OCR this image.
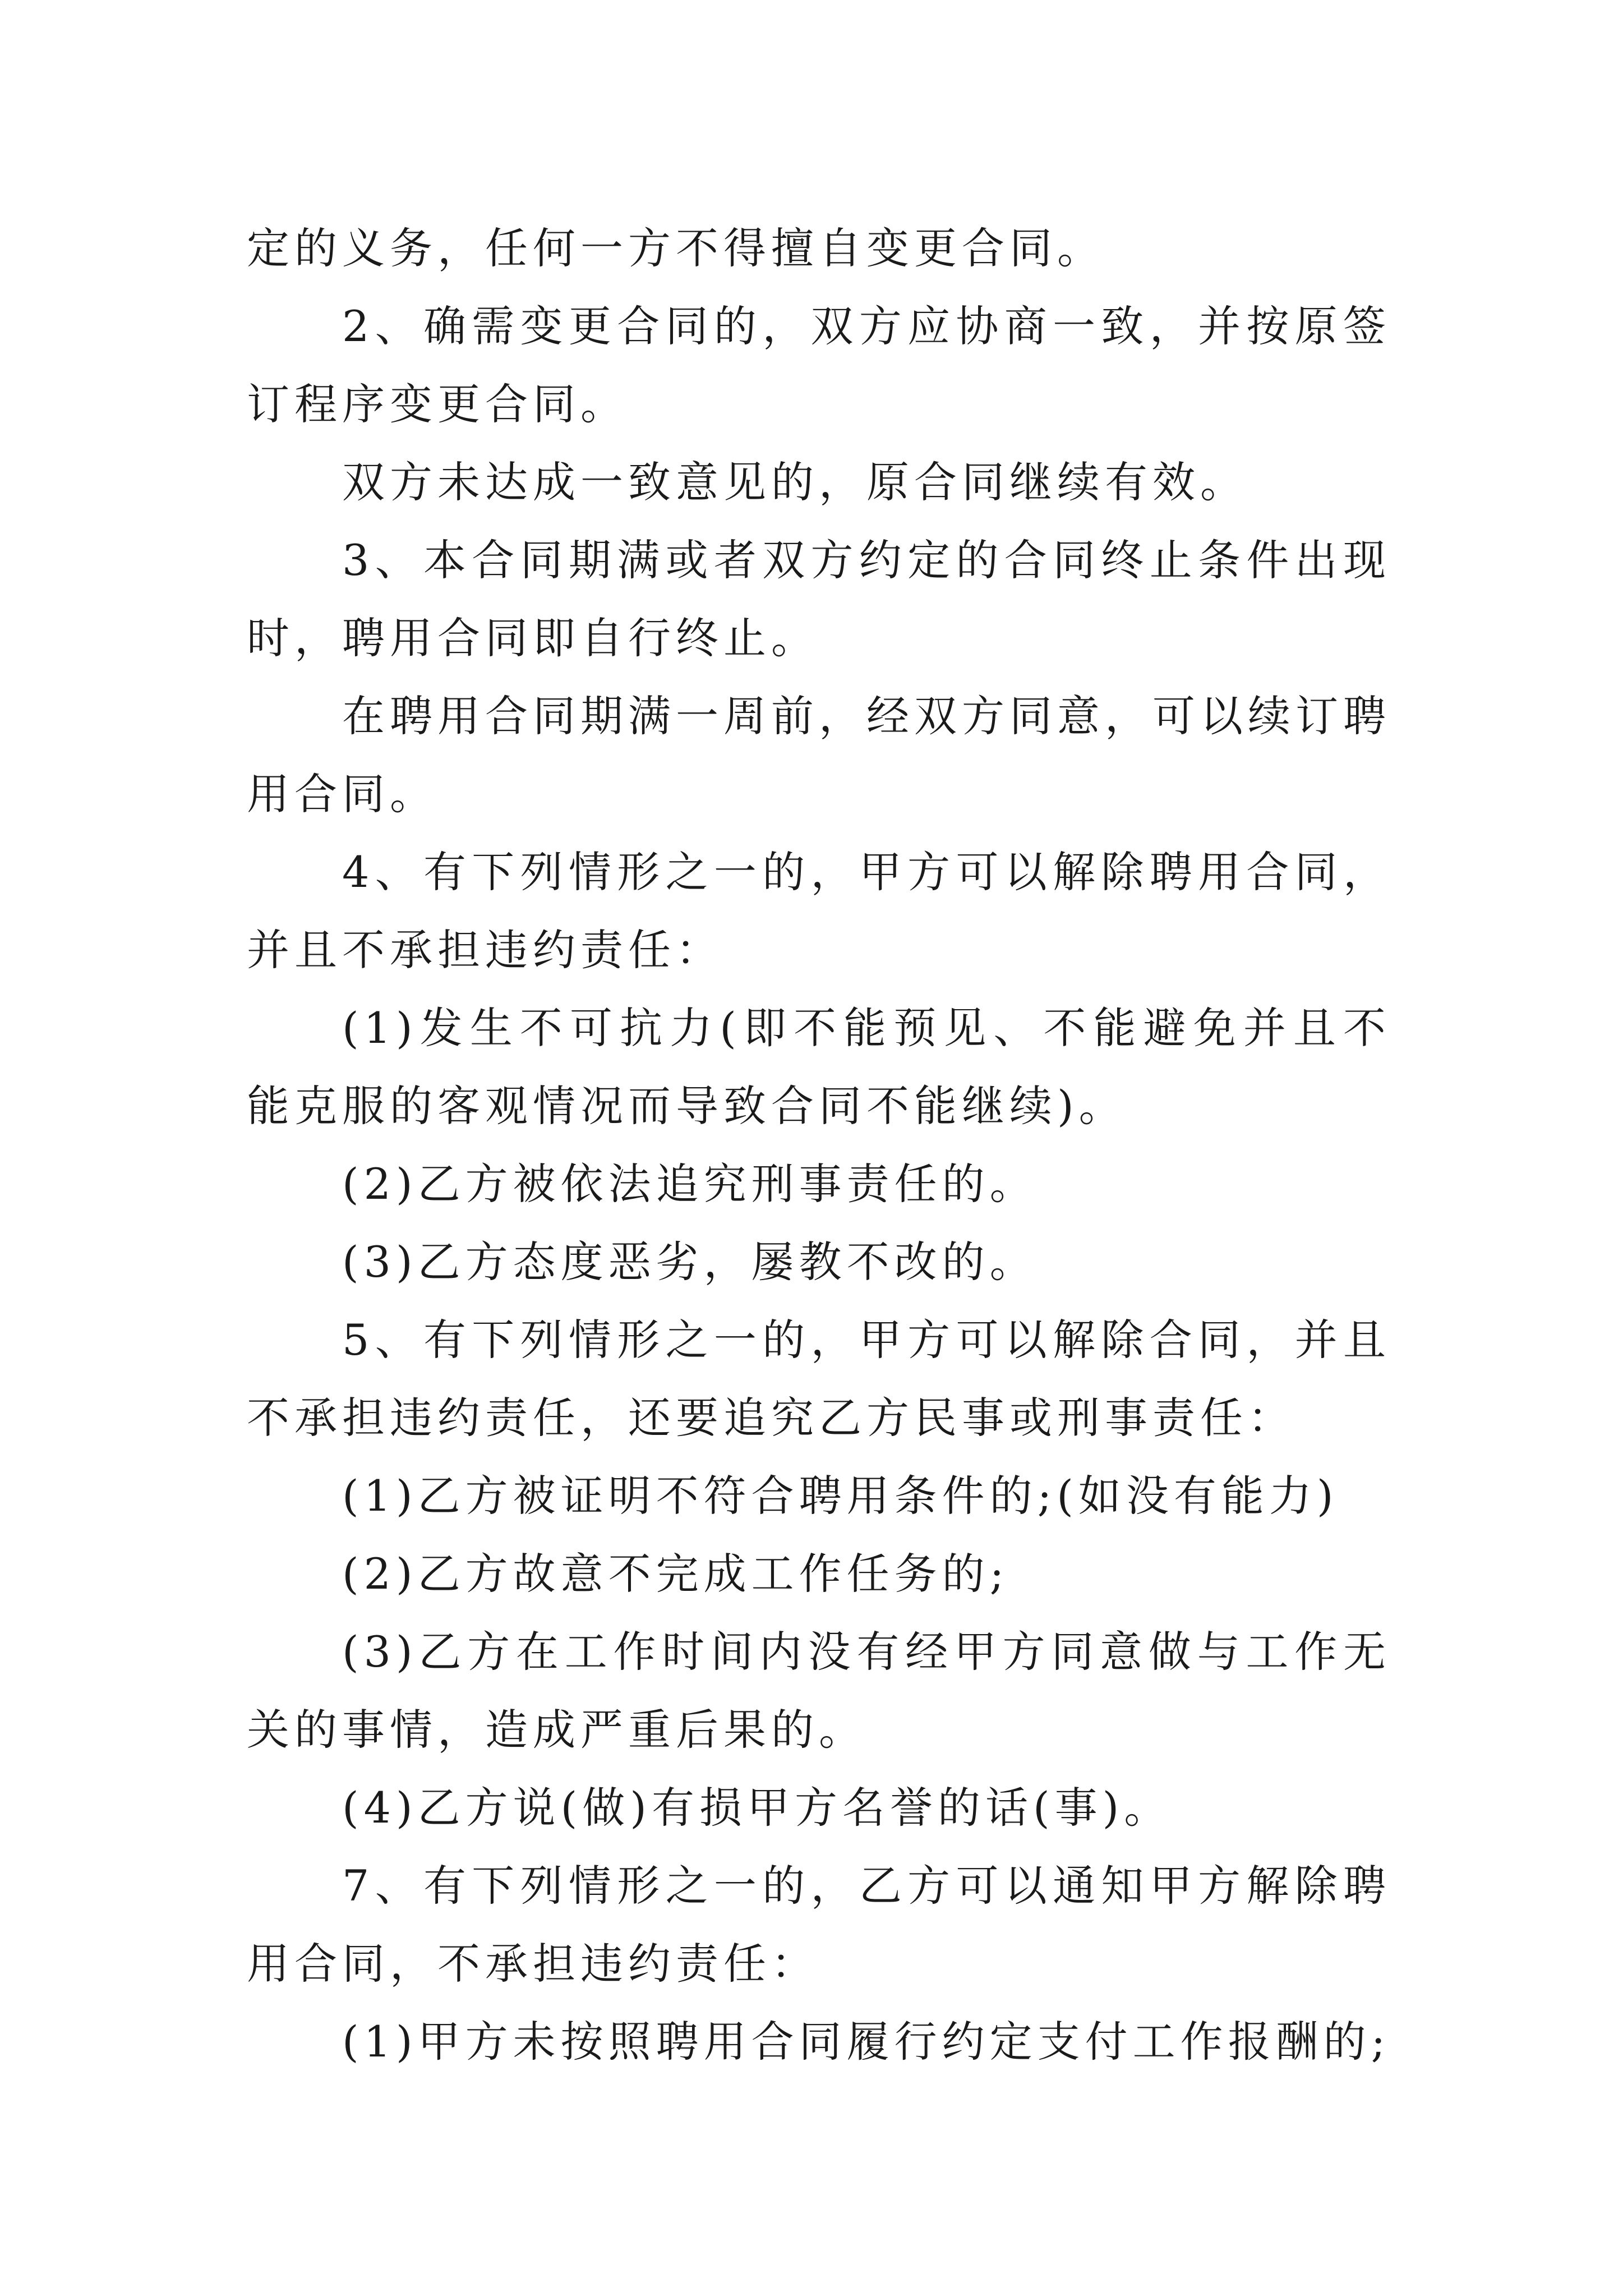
定的义务，任何一方不得擅自变更合同。

2、确需变更合同的，双方应协商一致，并按原签订程序变更合同。

双方未达成一致意见的，原合同继续有效。

3、本合同期满或者双方约定的合同终止条件出现时，聘用合同即自行终止。

在聘用合同期满一周前，经双方同意，可以续订聘用合同。

4、有下列情形之一的，甲方可以解除聘用合同，并且不承担违约责任：

(1)发生不可抗力(即不能预见、不能避免并且不能克服的客观情况而导致合同不能继续)。

(2)乙方被依法追究刑事责任的。

(3)乙方态度恶劣，屡教不改的。

5、有下列情形之一的，甲方可以解除合同，并且不承担违约责任，还要追究乙方民事或刑事责任：

(1)乙方被证明不符合聘用条件的;(如没有能力)

(2)乙方故意不完成工作任务的;

(3)乙方在工作时间内没有经甲方同意做与工作无关的事情，造成严重后果的。

(4)乙方说(做)有损甲方名誉的话(事)。

7、有下列情形之一的，乙方可以通知甲方解除聘用合同，不承担违约责任：

(1)甲方未按照聘用合同履行约定支付工作报酬的;
